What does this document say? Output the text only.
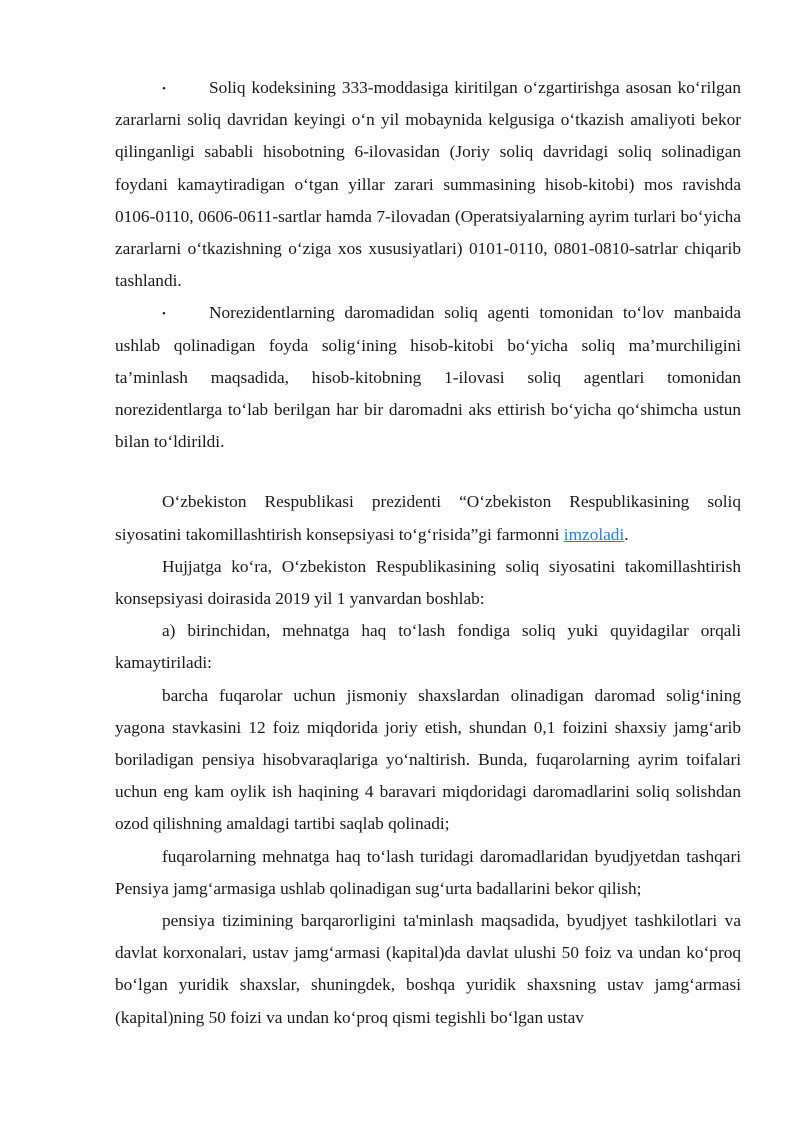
• Soliq kodeksining 333-moddasiga kiritilgan o‘zgartirishga asosan ko‘rilgan zararlarni soliq davridan keyingi o‘n yil mobaynida kelgusiga o‘tkazish amaliyoti bekor qilinganligi sababli hisobotning 6-ilovasidan (Joriy soliq davridagi soliq solinadigan foydani kamaytiradigan o‘tgan yillar zarari summasining hisob-kitobi) mos ravishda 0106-0110, 0606-0611-sartlar hamda 7-ilovadan (Operatsiyalarning ayrim turlari bo‘yicha zararlarni o‘tkazishning o‘ziga xos xususiyatlari) 0101-0110, 0801-0810-satrlar chiqarib tashlandi.

• Norezidentlarning daromadidan soliq agenti tomonidan to‘lov manbaida ushlab qolinadigan foyda solig‘ining hisob-kitobi bo‘yicha soliq ma’murchiligini ta’minlash maqsadida, hisob-kitobning 1-ilovasi soliq agentlari tomonidan norezidentlarga to‘lab berilgan har bir daromadni aks ettirish bo‘yicha qo‘shimcha ustun bilan to‘ldirildi.

O‘zbekiston Respublikasi prezidenti “O‘zbekiston Respublikasining soliq siyosatini takomillashtirish konsepsiyasi to‘g‘risida”gi farmonni imzoladi.

Hujjatga ko‘ra, O‘zbekiston Respublikasining soliq siyosatini takomillashtirish konsepsiyasi doirasida 2019 yil 1 yanvardan boshlab:

a) birinchidan, mehnatga haq to‘lash fondiga soliq yuki quyidagilar orqali kamaytiriladi:

barcha fuqarolar uchun jismoniy shaxslardan olinadigan daromad solig‘ining yagona stavkasini 12 foiz miqdorida joriy etish, shundan 0,1 foizini shaxsiy jamg‘arib boriladigan pensiya hisobvaraqlariga yo‘naltirish. Bunda, fuqarolarning ayrim toifalari uchun eng kam oylik ish haqining 4 baravari miqdoridagi daromadlarini soliq solishdan ozod qilishning amaldagi tartibi saqlab qolinadi;

fuqarolarning mehnatga haq to‘lash turidagi daromadlaridan byudjyetdan tashqari Pensiya jamg‘armasiga ushlab qolinadigan sug‘urta badallarini bekor qilish;

pensiya tizimining barqarorligini ta'minlash maqsadida, byudjyet tashkilotlari va davlat korxonalari, ustav jamg‘armasi (kapital)da davlat ulushi 50 foiz va undan ko‘proq bo‘lgan yuridik shaxslar, shuningdek, boshqa yuridik shaxsning ustav jamg‘armasi (kapital)ning 50 foizi va undan ko‘proq qismi tegishli bo‘lgan ustav
